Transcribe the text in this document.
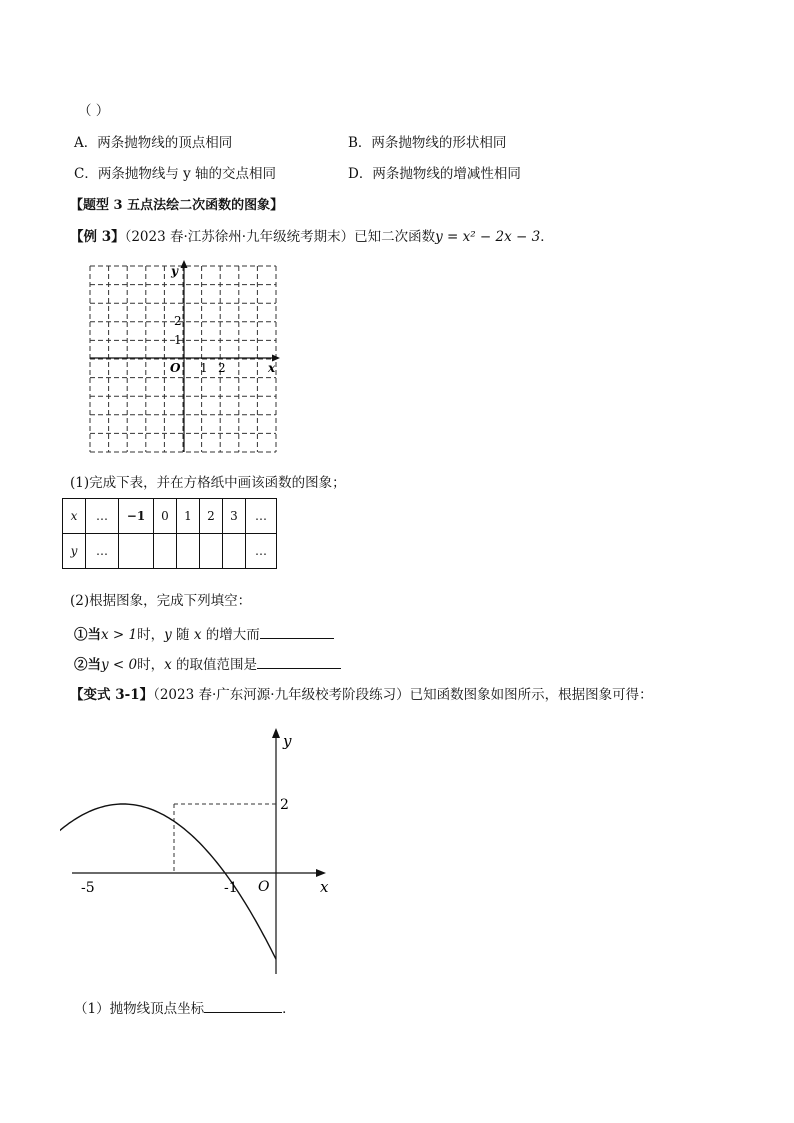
（ ）
A．两条抛物线的顶点相同	B．两条抛物线的形状相同
C．两条抛物线与 y 轴的交点相同	D．两条抛物线的增减性相同
【题型 3 五点法绘二次函数的图象】
【例 3】（2023 春·江苏徐州·九年级统考期末）已知二次函数y = x² − 2x − 3．
y
x
O 1 2
2
1
(1)完成下表，并在方格纸中画该函数的图象；
x	…	−1	0	1	2	3	…
y	…						…
(2)根据图象，完成下列填空：
①当x > 1时，y 随 x 的增大而
②当y < 0时，x 的取值范围是
【变式 3-1】（2023 春·广东河源·九年级校考阶段练习）已知函数图象如图所示，根据图象可得：
y
x
O
2
-5	-1
（1）抛物线顶点坐标	．
